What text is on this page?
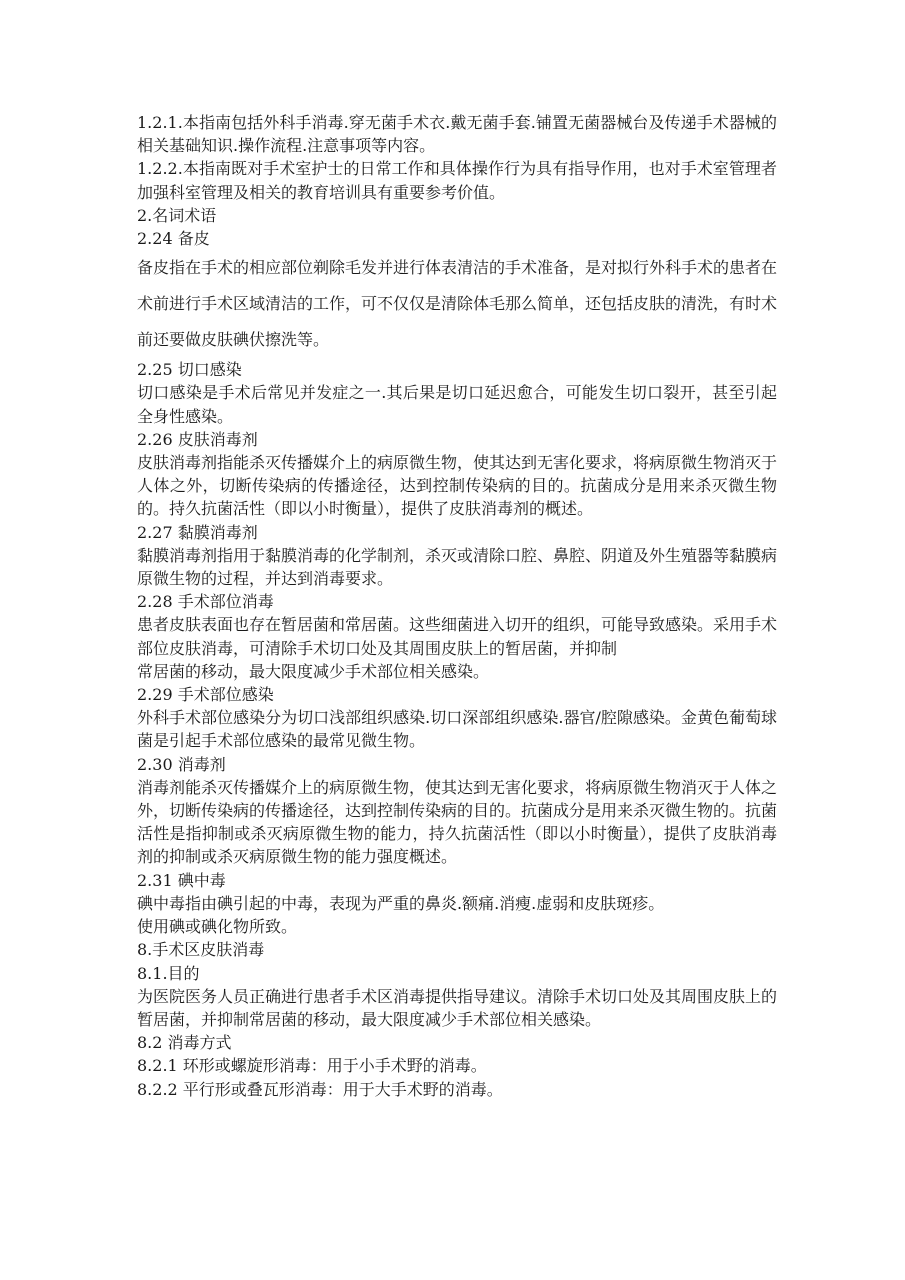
1.2.1.本指南包括外科手消毒.穿无菌手术衣.戴无菌手套.铺置无菌器械台及传递手术器械的相关基础知识.操作流程.注意事项等内容。

1.2.2.本指南既对手术室护士的日常工作和具体操作行为具有指导作用，也对手术室管理者加强科室管理及相关的教育培训具有重要参考价值。

2.名词术语

2.24 备皮

备皮指在手术的相应部位剃除毛发并进行体表清洁的手术准备，是对拟行外科手术的患者在术前进行手术区域清洁的工作，可不仅仅是清除体毛那么简单，还包括皮肤的清洗，有时术前还要做皮肤碘伏擦洗等。

2.25 切口感染

切口感染是手术后常见并发症之一.其后果是切口延迟愈合，可能发生切口裂开，甚至引起全身性感染。

2.26 皮肤消毒剂

皮肤消毒剂指能杀灭传播媒介上的病原微生物，使其达到无害化要求，将病原微生物消灭于人体之外，切断传染病的传播途径，达到控制传染病的目的。抗菌成分是用来杀灭微生物的。持久抗菌活性（即以小时衡量），提供了皮肤消毒剂的概述。

2.27 黏膜消毒剂

黏膜消毒剂指用于黏膜消毒的化学制剂，杀灭或清除口腔、鼻腔、阴道及外生殖器等黏膜病原微生物的过程，并达到消毒要求。

2.28 手术部位消毒

患者皮肤表面也存在暂居菌和常居菌。这些细菌进入切开的组织，可能导致感染。采用手术部位皮肤消毒，可清除手术切口处及其周围皮肤上的暂居菌，并抑制

常居菌的移动，最大限度减少手术部位相关感染。

2.29 手术部位感染

外科手术部位感染分为切口浅部组织感染.切口深部组织感染.器官/腔隙感染。金黄色葡萄球菌是引起手术部位感染的最常见微生物。

2.30 消毒剂

消毒剂能杀灭传播媒介上的病原微生物，使其达到无害化要求，将病原微生物消灭于人体之外，切断传染病的传播途径，达到控制传染病的目的。抗菌成分是用来杀灭微生物的。抗菌活性是指抑制或杀灭病原微生物的能力，持久抗菌活性（即以小时衡量），提供了皮肤消毒剂的抑制或杀灭病原微生物的能力强度概述。

2.31 碘中毒

碘中毒指由碘引起的中毒，表现为严重的鼻炎.额痛.消瘦.虚弱和皮肤斑疹。

使用碘或碘化物所致。

8.手术区皮肤消毒

8.1.目的

为医院医务人员正确进行患者手术区消毒提供指导建议。清除手术切口处及其周围皮肤上的暂居菌，并抑制常居菌的移动，最大限度减少手术部位相关感染。

8.2 消毒方式

8.2.1 环形或螺旋形消毒：用于小手术野的消毒。

8.2.2 平行形或叠瓦形消毒：用于大手术野的消毒。
